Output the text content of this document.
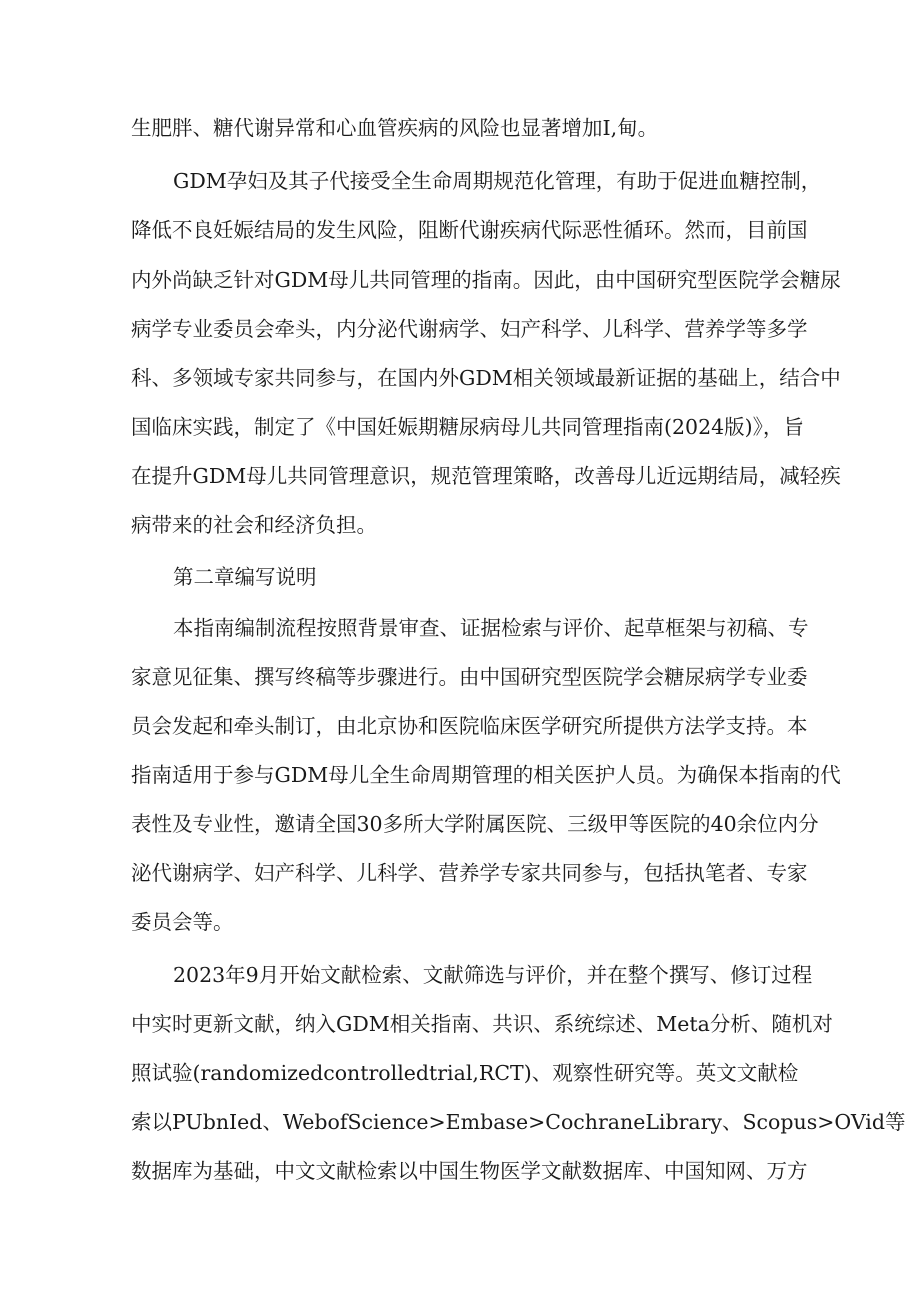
生肥胖、糖代谢异常和心血管疾病的风险也显著增加I,甸。
GDM孕妇及其子代接受全生命周期规范化管理，有助于促进血糖控制，
降低不良妊娠结局的发生风险，阻断代谢疾病代际恶性循环。然而，目前国
内外尚缺乏针对GDM母儿共同管理的指南。因此，由中国研究型医院学会糖尿
病学专业委员会牵头，内分泌代谢病学、妇产科学、儿科学、营养学等多学
科、多领域专家共同参与，在国内外GDM相关领域最新证据的基础上，结合中
国临床实践，制定了《中国妊娠期糖尿病母儿共同管理指南(2024版)》，旨
在提升GDM母儿共同管理意识，规范管理策略，改善母儿近远期结局，减轻疾
病带来的社会和经济负担。
第二章编写说明
本指南编制流程按照背景审查、证据检索与评价、起草框架与初稿、专
家意见征集、撰写终稿等步骤进行。由中国研究型医院学会糖尿病学专业委
员会发起和牵头制订，由北京协和医院临床医学研究所提供方法学支持。本
指南适用于参与GDM母儿全生命周期管理的相关医护人员。为确保本指南的代
表性及专业性，邀请全国30多所大学附属医院、三级甲等医院的40余位内分
泌代谢病学、妇产科学、儿科学、营养学专家共同参与，包括执笔者、专家
委员会等。
2023年9月开始文献检索、文献筛选与评价，并在整个撰写、修订过程
中实时更新文献，纳入GDM相关指南、共识、系统综述、Meta分析、随机对
照试验(randomizedcontrolledtrial,RCT)、观察性研究等。英文文献检
索以PUbnIed、WebofScience>Embase>CochraneLibrary、Scopus>OVid等
数据库为基础，中文文献检索以中国生物医学文献数据库、中国知网、万方
